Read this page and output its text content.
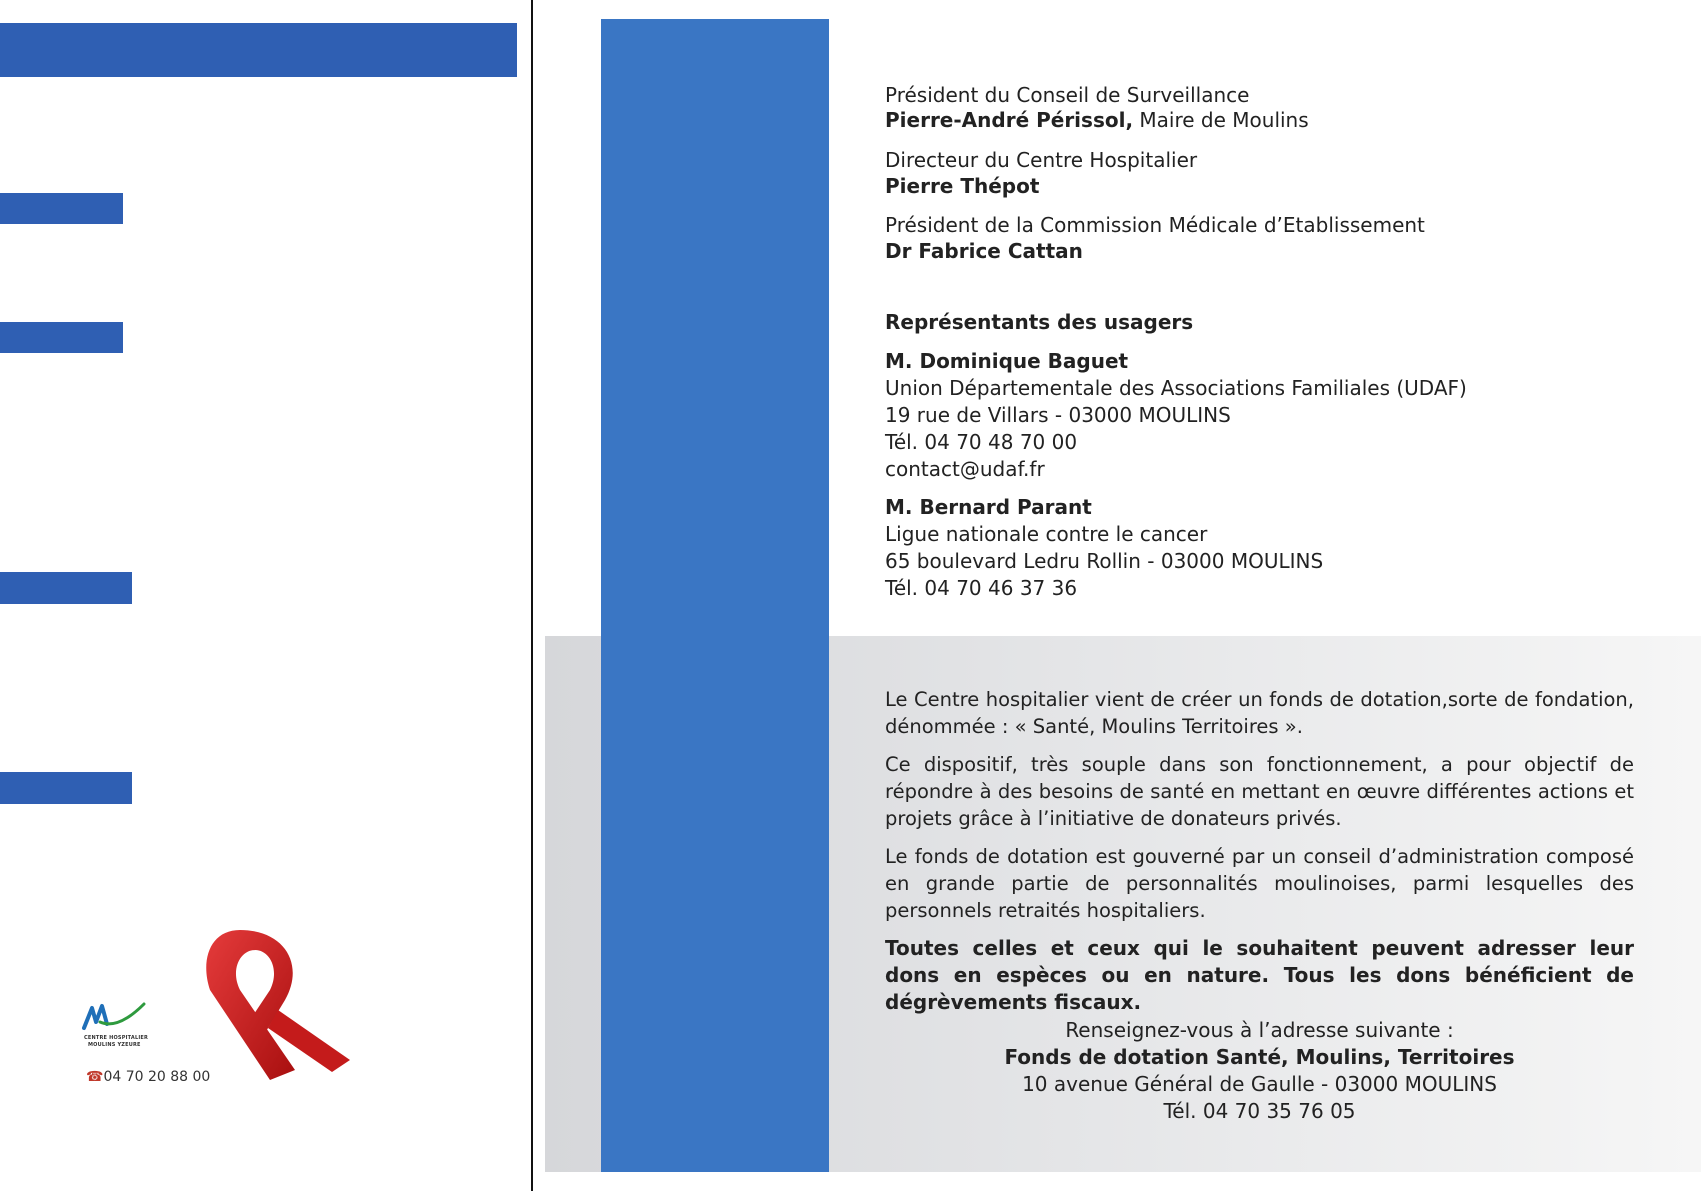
CENTRE HOSPITALIER
MOULINS YZEURE
☎04 70 20 88 00
Président du Conseil de Surveillance
Pierre-André Périssol, Maire de Moulins
Directeur du Centre Hospitalier
Pierre Thépot
Président de la Commission Médicale d’Etablissement
Dr Fabrice Cattan
Représentants des usagers
M. Dominique Baguet
Union Départementale des Associations Familiales (UDAF)
19 rue de Villars - 03000 MOULINS
Tél. 04 70 48 70 00
contact@udaf.fr
M. Bernard Parant
Ligue nationale contre le cancer
65 boulevard Ledru Rollin - 03000 MOULINS
Tél. 04 70 46 37 36

Le Centre hospitalier vient de créer un fonds de dotation,sorte de fondation, dénommée : « Santé, Moulins Territoires ».

Ce dispositif, très souple dans son fonctionnement, a pour objectif de répondre à des besoins de santé en mettant en œuvre différentes actions et projets grâce à l’initiative de donateurs privés.

Le fonds de dotation est gouverné par un conseil d’administration composé en grande partie de personnalités moulinoises, parmi lesquelles des personnels retraités hospitaliers.

Toutes celles et ceux qui le souhaitent peuvent adresser leur dons en espèces ou en nature. Tous les dons bénéficient de dégrèvements fiscaux.

Renseignez-vous à l’adresse suivante :
Fonds de dotation Santé, Moulins, Territoires
10 avenue Général de Gaulle - 03000 MOULINS
Tél. 04 70 35 76 05
